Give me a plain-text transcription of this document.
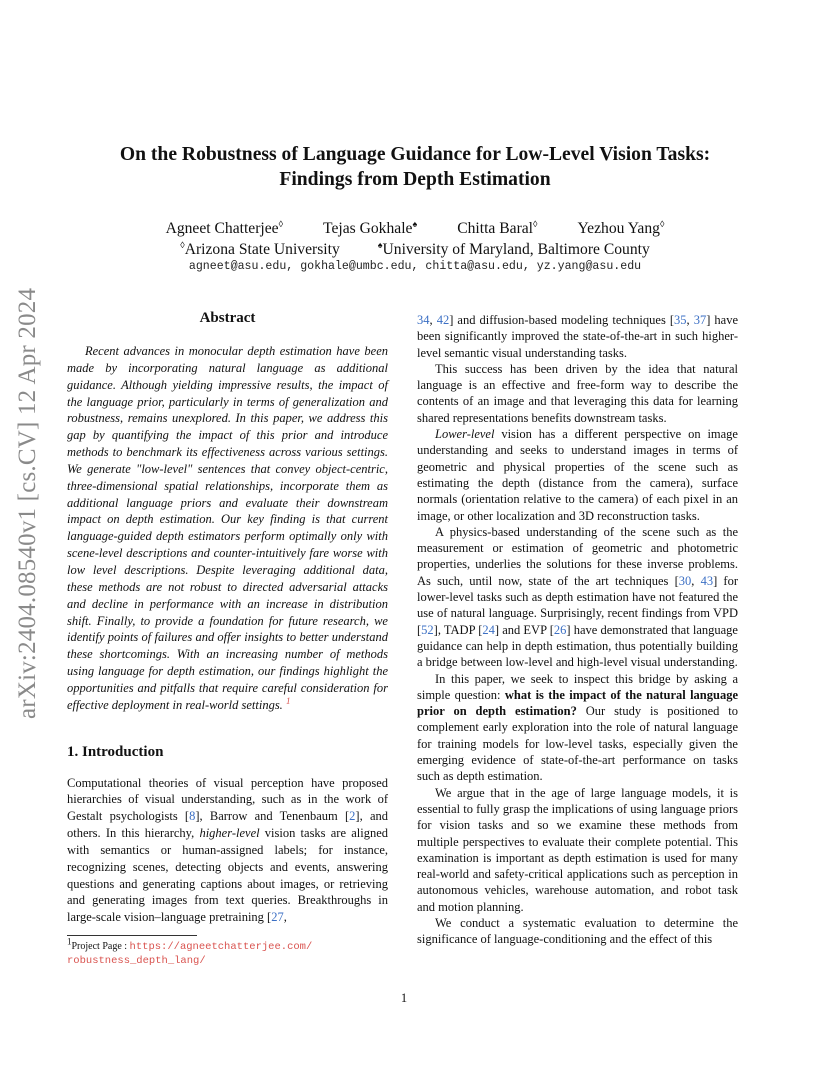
arXiv:2404.08540v1 [cs.CV] 12 Apr 2024
On the Robustness of Language Guidance for Low-Level Vision Tasks:
Findings from Depth Estimation
Agneet Chatterjee◊	Tejas Gokhale♠	Chitta Baral◊	Yezhou Yang◊
◊Arizona State University	♠University of Maryland, Baltimore County
agneet@asu.edu, gokhale@umbc.edu, chitta@asu.edu, yz.yang@asu.edu
Abstract

Recent advances in monocular depth estimation have been made by incorporating natural language as additional guidance. Although yielding impressive results, the impact of the language prior, particularly in terms of generalization and robustness, remains unexplored. In this paper, we address this gap by quantifying the impact of this prior and introduce methods to benchmark its effectiveness across various settings. We generate "low-level" sentences that convey object-centric, three-dimensional spatial relationships, incorporate them as additional language priors and evaluate their downstream impact on depth estimation. Our key finding is that current language-guided depth estimators perform optimally only with scene-level descriptions and counter-intuitively fare worse with low level descriptions. Despite leveraging additional data, these methods are not robust to directed adversarial attacks and decline in performance with an increase in distribution shift. Finally, to provide a foundation for future research, we identify points of failures and offer insights to better understand these shortcomings. With an increasing number of methods using language for depth estimation, our findings highlight the opportunities and pitfalls that require careful consideration for effective deployment in real-world settings. $^1$

1. Introduction

Computational theories of visual perception have proposed hierarchies of visual understanding, such as in the work of Gestalt psychologists [8], Barrow and Tenenbaum [2], and others. In this hierarchy, higher-level vision tasks are aligned with semantics or human-assigned labels; for instance, recognizing scenes, detecting objects and events, answering questions and generating captions about images, or retrieving and generating images from text queries. Breakthroughs in large-scale vision–language pretraining [27,

34, 42] and diffusion-based modeling techniques [35, 37] have been significantly improved the state-of-the-art in such higher-level semantic visual understanding tasks.

This success has been driven by the idea that natural language is an effective and free-form way to describe the contents of an image and that leveraging this data for learning shared representations benefits downstream tasks.

Lower-level vision has a different perspective on image understanding and seeks to understand images in terms of geometric and physical properties of the scene such as estimating the depth (distance from the camera), surface normals (orientation relative to the camera) of each pixel in an image, or other localization and 3D reconstruction tasks.

A physics-based understanding of the scene such as the measurement or estimation of geometric and photometric properties, underlies the solutions for these inverse problems. As such, until now, state of the art techniques [30, 43] for lower-level tasks such as depth estimation have not featured the use of natural language. Surprisingly, recent findings from VPD [52], TADP [24] and EVP [26] have demonstrated that language guidance can help in depth estimation, thus potentially building a bridge between low-level and high-level visual understanding.

In this paper, we seek to inspect this bridge by asking a simple question: what is the impact of the natural language prior on depth estimation? Our study is positioned to complement early exploration into the role of natural language for training models for low-level tasks, especially given the emerging evidence of state-of-the-art performance on tasks such as depth estimation.

We argue that in the age of large language models, it is essential to fully grasp the implications of using language priors for vision tasks and so we examine these methods from multiple perspectives to evaluate their complete potential. This examination is important as depth estimation is used for many real-world and safety-critical applications such as perception in autonomous vehicles, warehouse automation, and robot task and motion planning.

We conduct a systematic evaluation to determine the significance of language-conditioning and the effect of this

$^1$Project Page : https://agneetchatterjee.com/
robustness_depth_lang/
1
